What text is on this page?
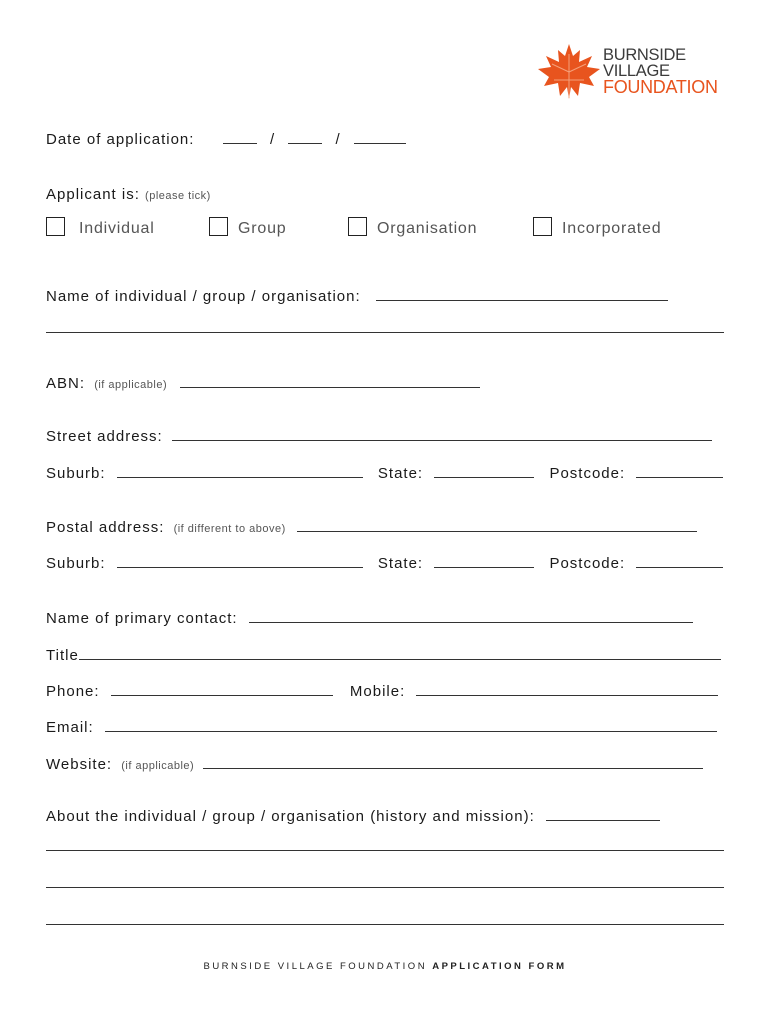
BURNSIDE
VILLAGE
FOUNDATION
Date of application:	/	/
Applicant is: (please tick)
Individual	Group	Organisation	Incorporated
Name of individual / group / organisation:
ABN: (if applicable)
Street address:
Suburb:	State:	Postcode:
Postal address: (if different to above)
Suburb:	State:	Postcode:
Name of primary contact:
Title
Phone:	Mobile:
Email:
Website: (if applicable)
About the individual / group / organisation (history and mission):
BURNSIDE VILLAGE FOUNDATION APPLICATION FORM
